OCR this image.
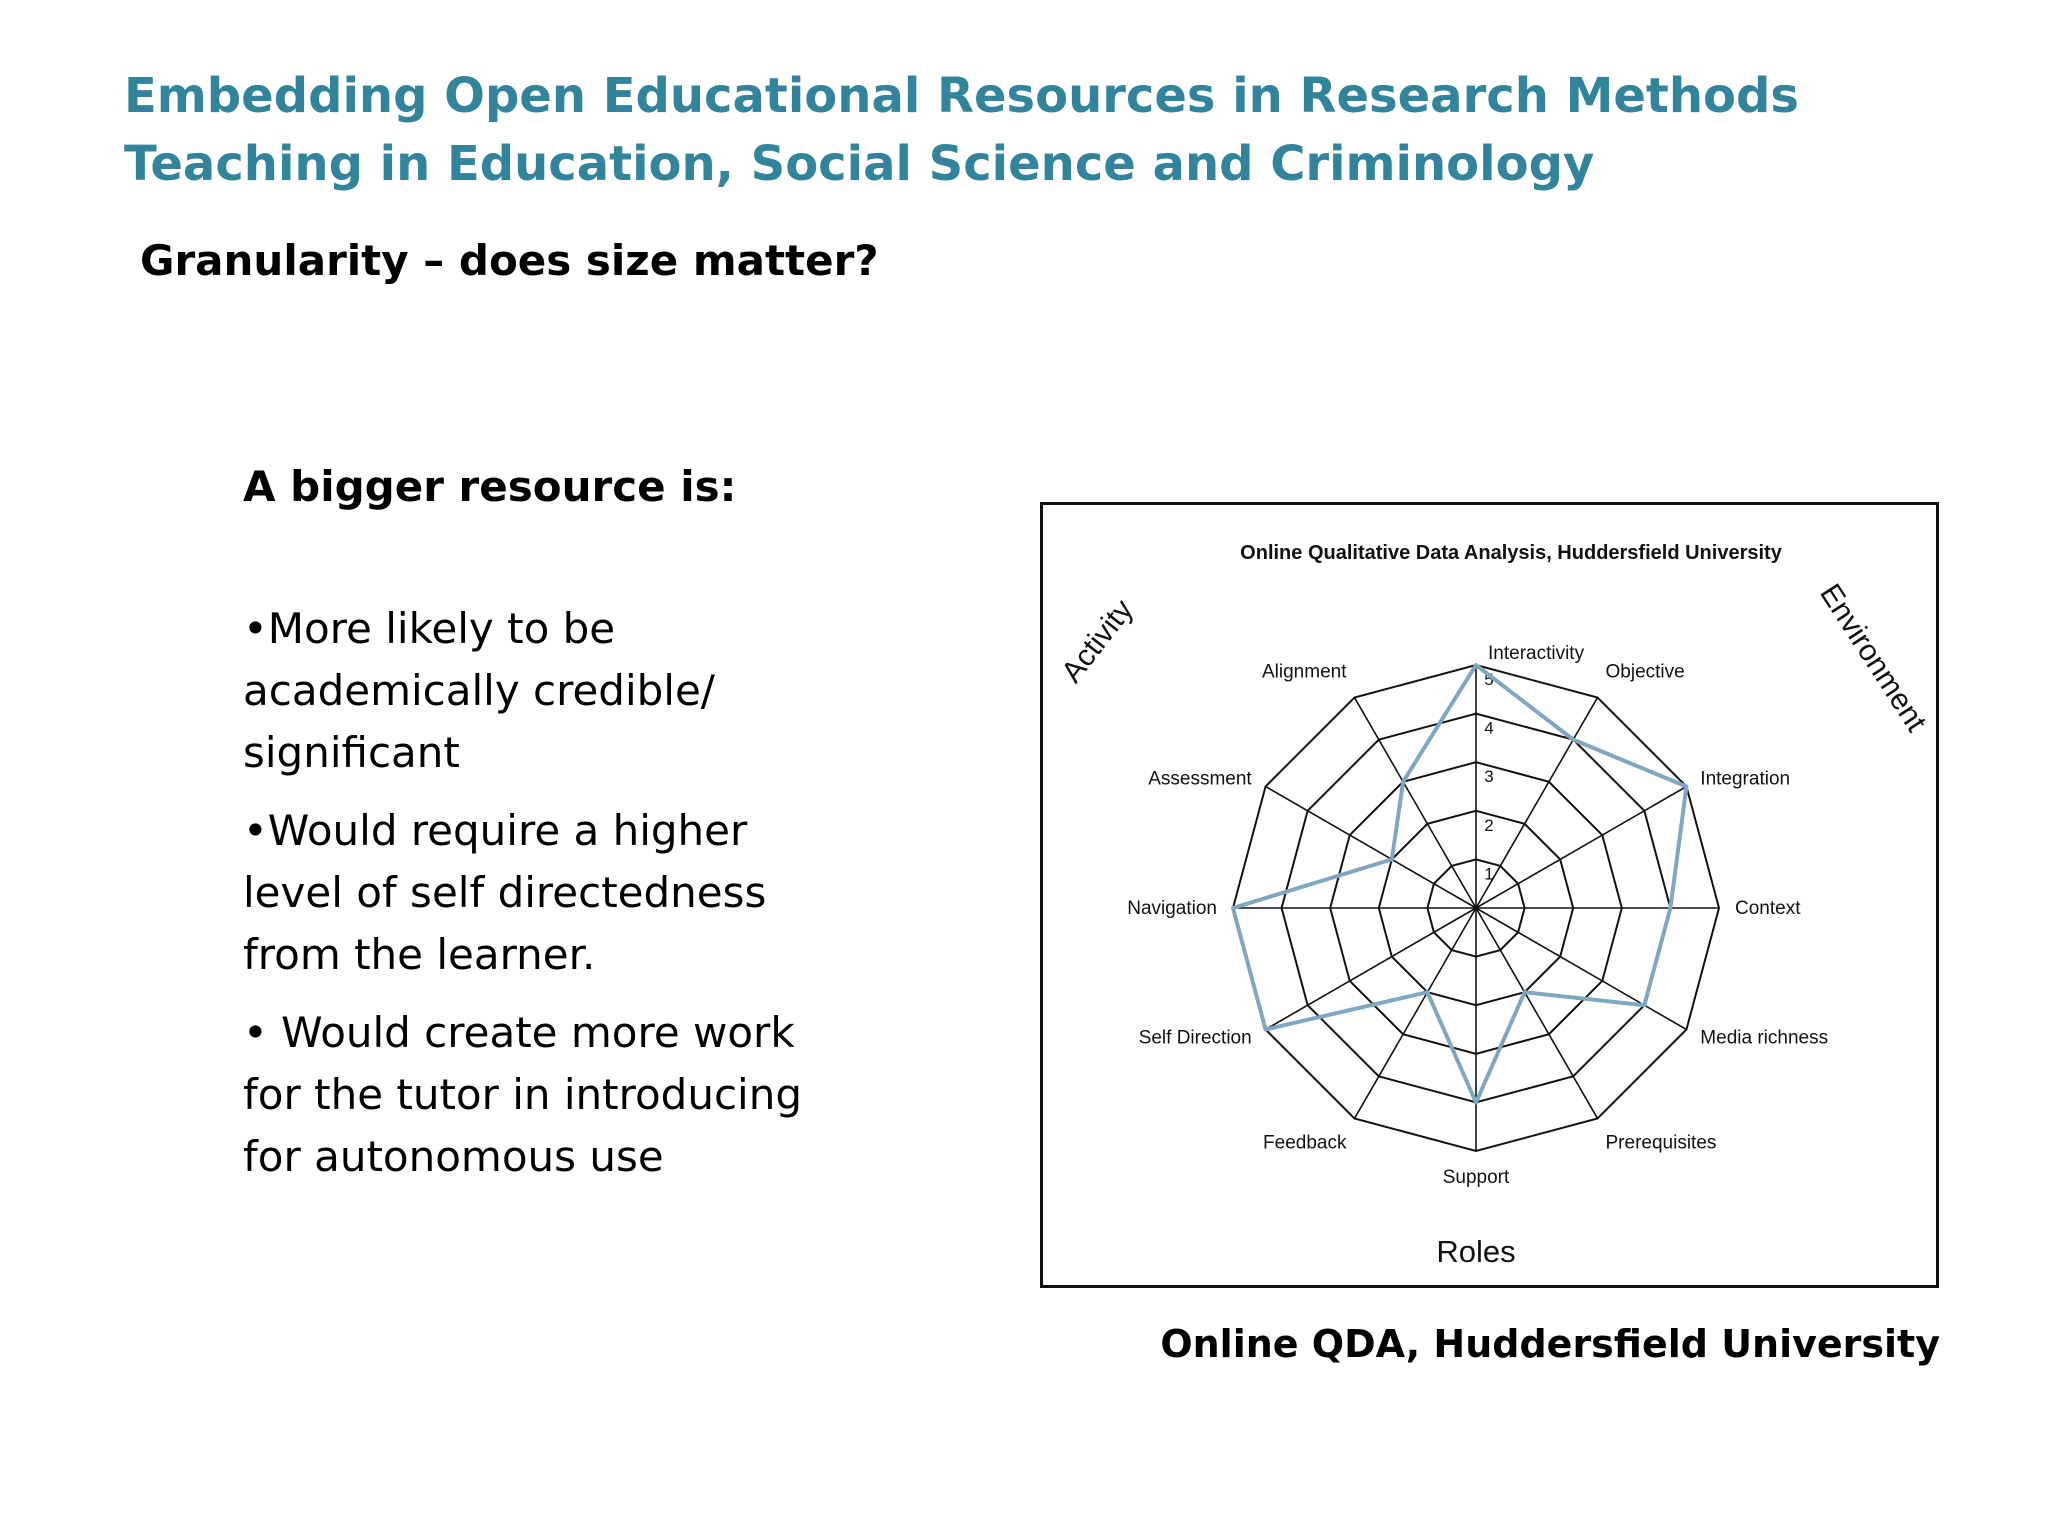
Embedding Open Educational Resources in Research Methods Teaching in Education, Social Science and Criminology
Granularity – does size matter?
A bigger resource is:
•More likely to be academically credible/ significant
•Would require a higher level of self directedness from the learner.
• Would create more work for the tutor in introducing for autonomous use
Online Qualitative Data Analysis, Huddersfield University
1
2
3
4
5
Interactivity
Objective
Integration
Context
Media richness
Prerequisites
Support
Feedback
Self Direction
Navigation
Assessment
Alignment
Activity	Environment
Roles

Online QDA, Huddersfield University
